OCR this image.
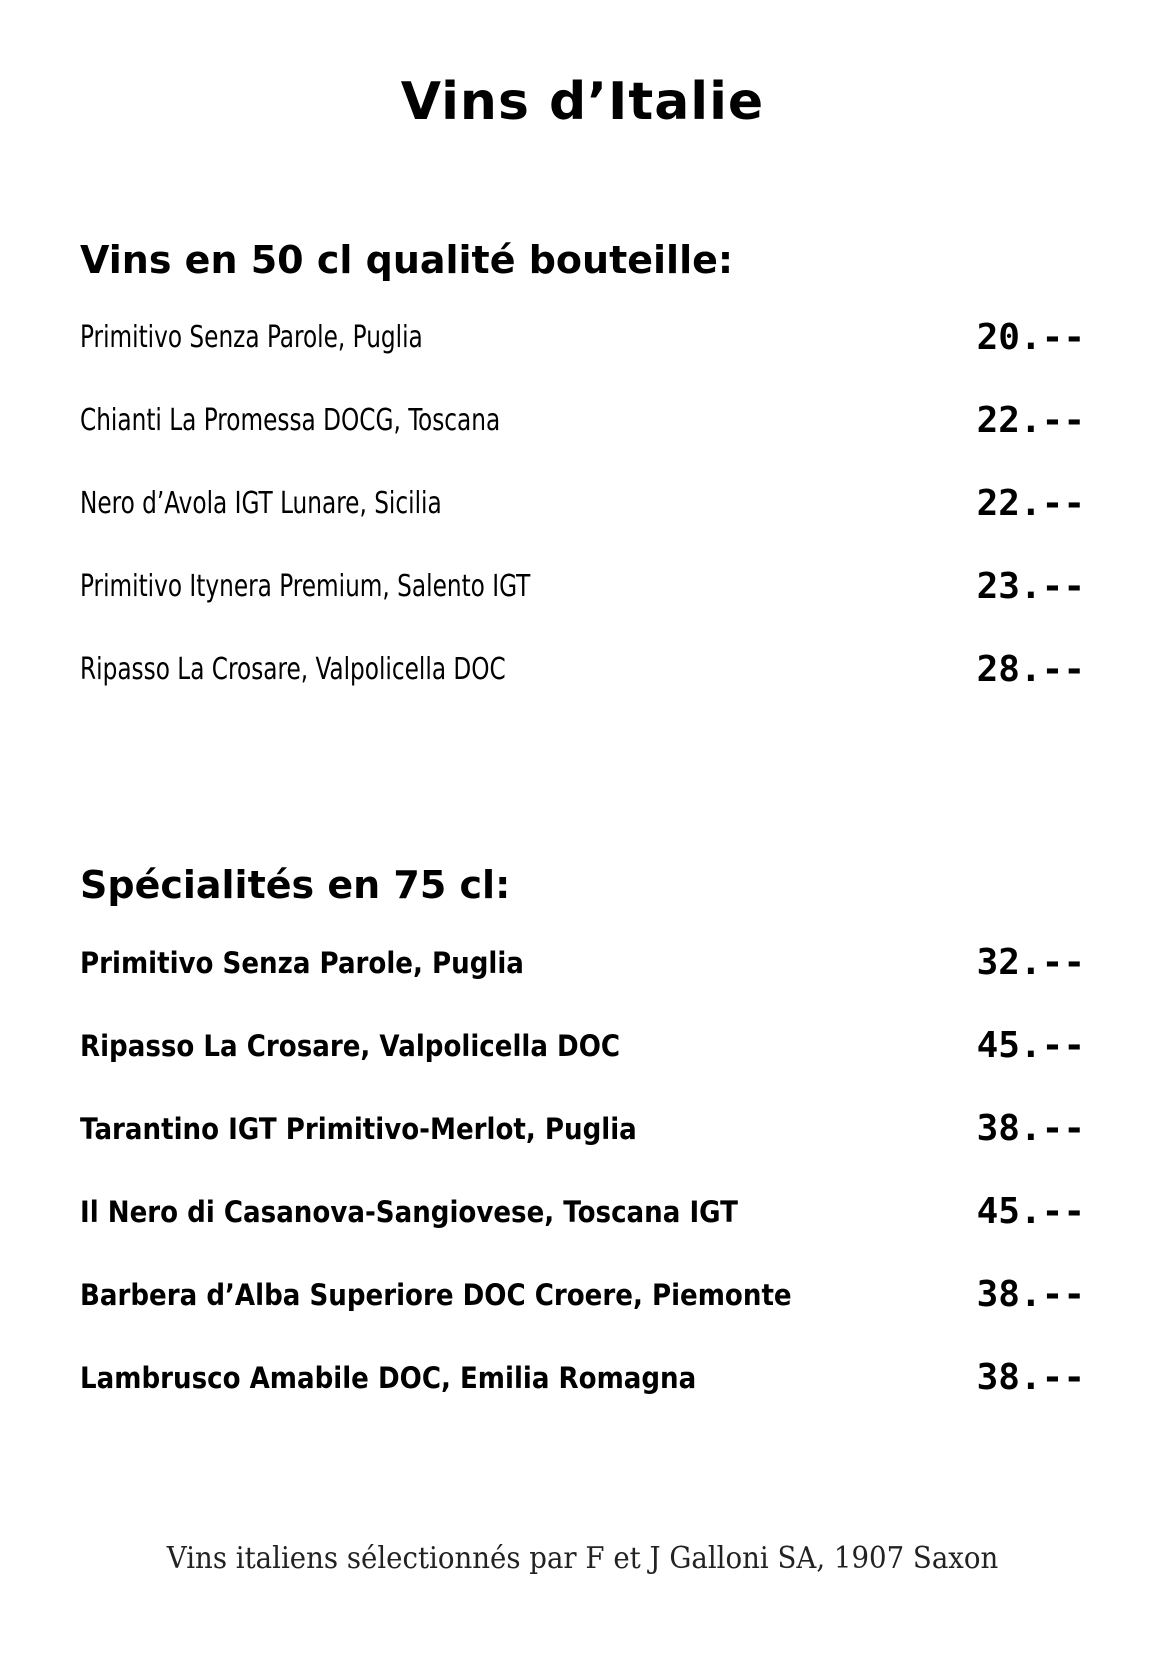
Vins d’Italie
Vins en 50 cl qualité bouteille:
Primitivo Senza Parole, Puglia	20.--
Chianti La Promessa DOCG, Toscana	22.--
Nero d’Avola IGT Lunare, Sicilia	22.--
Primitivo Itynera Premium, Salento IGT	23.--
Ripasso La Crosare, Valpolicella DOC	28.--
Spécialités en 75 cl:
Primitivo Senza Parole, Puglia	32.--
Ripasso La Crosare, Valpolicella DOC	45.--
Tarantino IGT Primitivo-Merlot, Puglia	38.--
Il Nero di Casanova-Sangiovese, Toscana IGT	45.--
Barbera d’Alba Superiore DOC Croere, Piemonte	38.--
Lambrusco Amabile DOC, Emilia Romagna	38.--
Vins italiens sélectionnés par F et J Galloni SA, 1907 Saxon
